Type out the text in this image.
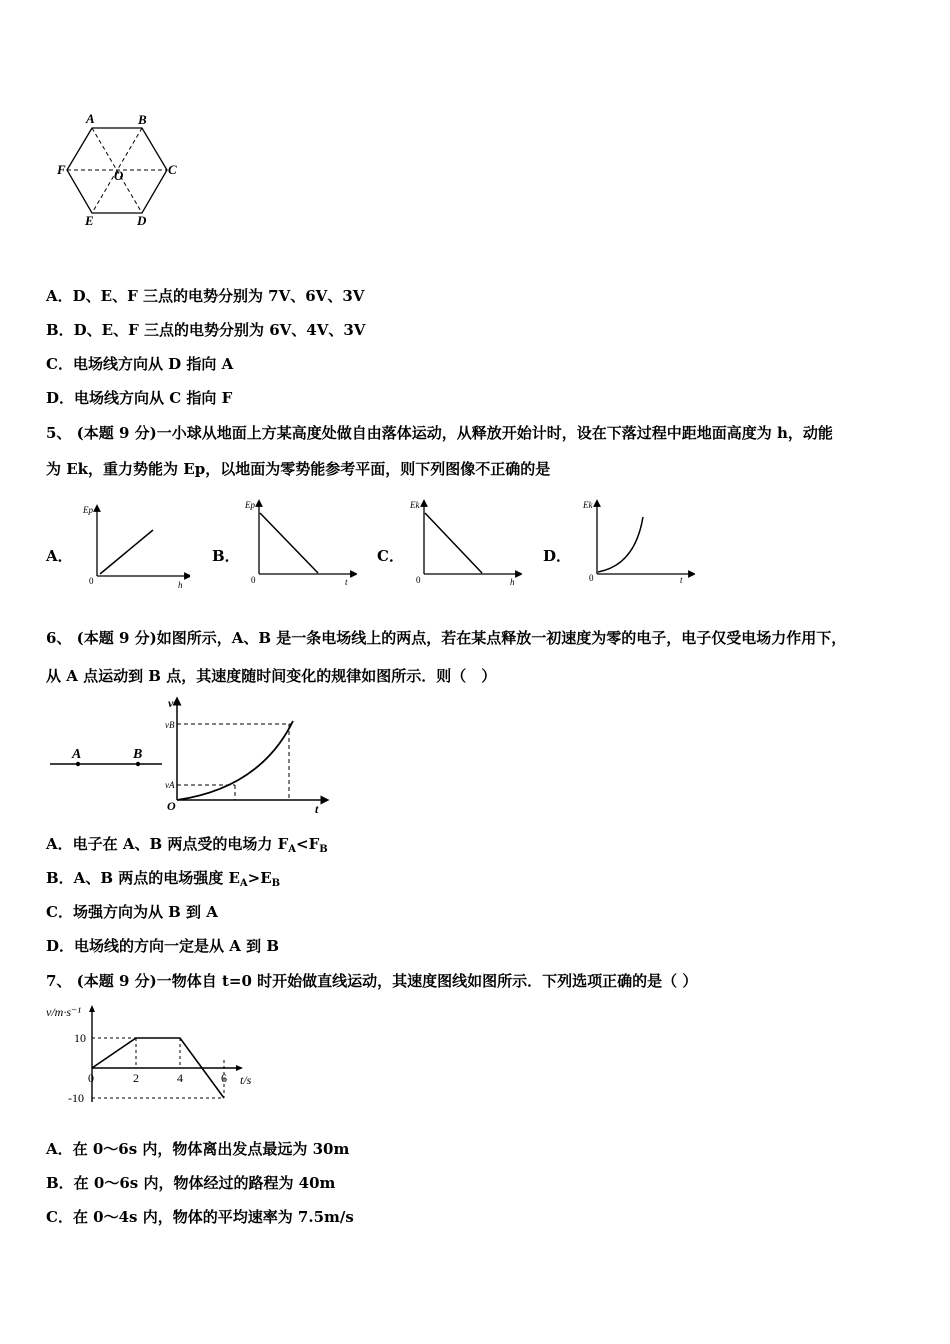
A	B
C
D
E
F	O
A．D、E、F 三点的电势分别为 7V、6V、3V
B．D、E、F 三点的电势分别为 6V、4V、3V
C．电场线方向从 D 指向 A
D．电场线方向从 C 指向 F
5、 (本题 9 分)一小球从地面上方某高度处做自由落体运动，从释放开始计时，设在下落过程中距地面高度为 h，动能
为 Ek，重力势能为 Ep，以地面为零势能参考平面，则下列图像不正确的是
A．
Ep
h
0
B．
Ep
t
0
C．
Ek
h
0
D．
Ek
t
0
6、 (本题 9 分)如图所示，A、B 是一条电场线上的两点，若在某点释放一初速度为零的电子，电子仅受电场力作用下，
从 A 点运动到 B 点，其速度随时间变化的规律如图所示．则（　）
A	B
v
t
O
vB
vA
A．电子在 A、B 两点受的电场力 $F_A<F_B$
B．A、B 两点的电场强度 $E_A>E_B$
C．场强方向为从 B 到 A
D．电场线的方向一定是从 A 到 B
7、 (本题 9 分)一物体自 t=0 时开始做直线运动，其速度图线如图所示．下列选项正确的是（ ）
v/m·s⁻¹
t/s
0	2	4	6
10
-10
A．在 0～6s 内，物体离出发点最远为 30m
B．在 0～6s 内，物体经过的路程为 40m
C．在 0～4s 内，物体的平均速率为 7.5m/s
